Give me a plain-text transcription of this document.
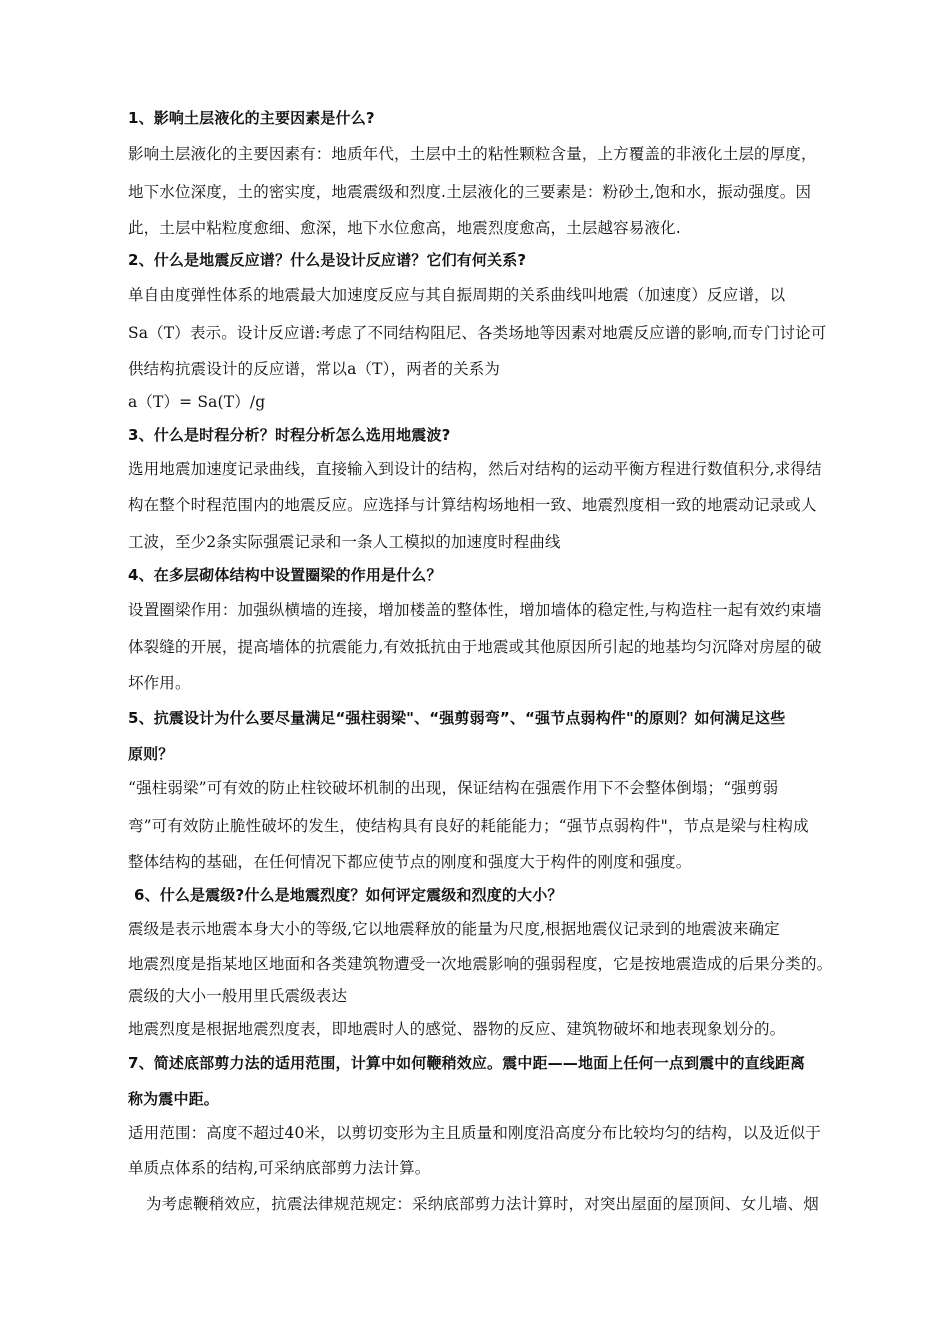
1、影响土层液化的主要因素是什么?
影响土层液化的主要因素有：地质年代，土层中土的粘性颗粒含量，上方覆盖的非液化土层的厚度，
地下水位深度，土的密实度，地震震级和烈度.土层液化的三要素是：粉砂土,饱和水，振动强度。因
此，土层中粘粒度愈细、愈深，地下水位愈高，地震烈度愈高，土层越容易液化.
2、什么是地震反应谱？什么是设计反应谱？它们有何关系?
单自由度弹性体系的地震最大加速度反应与其自振周期的关系曲线叫地震（加速度）反应谱，以
Sa（T）表示。设计反应谱:考虑了不同结构阻尼、各类场地等因素对地震反应谱的影响,而专门讨论可
供结构抗震设计的反应谱，常以a（T），两者的关系为
a（T）= Sa(T）/g
3、什么是时程分析？时程分析怎么选用地震波?
选用地震加速度记录曲线，直接输入到设计的结构，然后对结构的运动平衡方程进行数值积分,求得结
构在整个时程范围内的地震反应。应选择与计算结构场地相一致、地震烈度相一致的地震动记录或人
工波，至少2条实际强震记录和一条人工模拟的加速度时程曲线
4、在多层砌体结构中设置圈梁的作用是什么？
设置圈梁作用：加强纵横墙的连接，增加楼盖的整体性，增加墙体的稳定性,与构造柱一起有效约束墙
体裂缝的开展，提高墙体的抗震能力,有效抵抗由于地震或其他原因所引起的地基均匀沉降对房屋的破
坏作用。
5、抗震设计为什么要尽量满足“强柱弱梁"、“强剪弱弯”、“强节点弱构件"的原则？如何满足这些
原则？
“强柱弱梁”可有效的防止柱铰破坏机制的出现，保证结构在强震作用下不会整体倒塌；“强剪弱
弯”可有效防止脆性破坏的发生，使结构具有良好的耗能能力；“强节点弱构件"，节点是梁与柱构成
整体结构的基础，在任何情况下都应使节点的刚度和强度大于构件的刚度和强度。
6、什么是震级?什么是地震烈度？如何评定震级和烈度的大小？
震级是表示地震本身大小的等级,它以地震释放的能量为尺度,根据地震仪记录到的地震波来确定
地震烈度是指某地区地面和各类建筑物遭受一次地震影响的强弱程度，它是按地震造成的后果分类的。
震级的大小一般用里氏震级表达
地震烈度是根据地震烈度表，即地震时人的感觉、器物的反应、建筑物破坏和地表现象划分的。
7、简述底部剪力法的适用范围，计算中如何鞭稍效应。震中距——地面上任何一点到震中的直线距离
称为震中距。
适用范围：高度不超过40米，以剪切变形为主且质量和刚度沿高度分布比较均匀的结构，以及近似于
单质点体系的结构,可采纳底部剪力法计算。
为考虑鞭稍效应，抗震法律规范规定：采纳底部剪力法计算时，对突出屋面的屋顶间、女儿墙、烟
